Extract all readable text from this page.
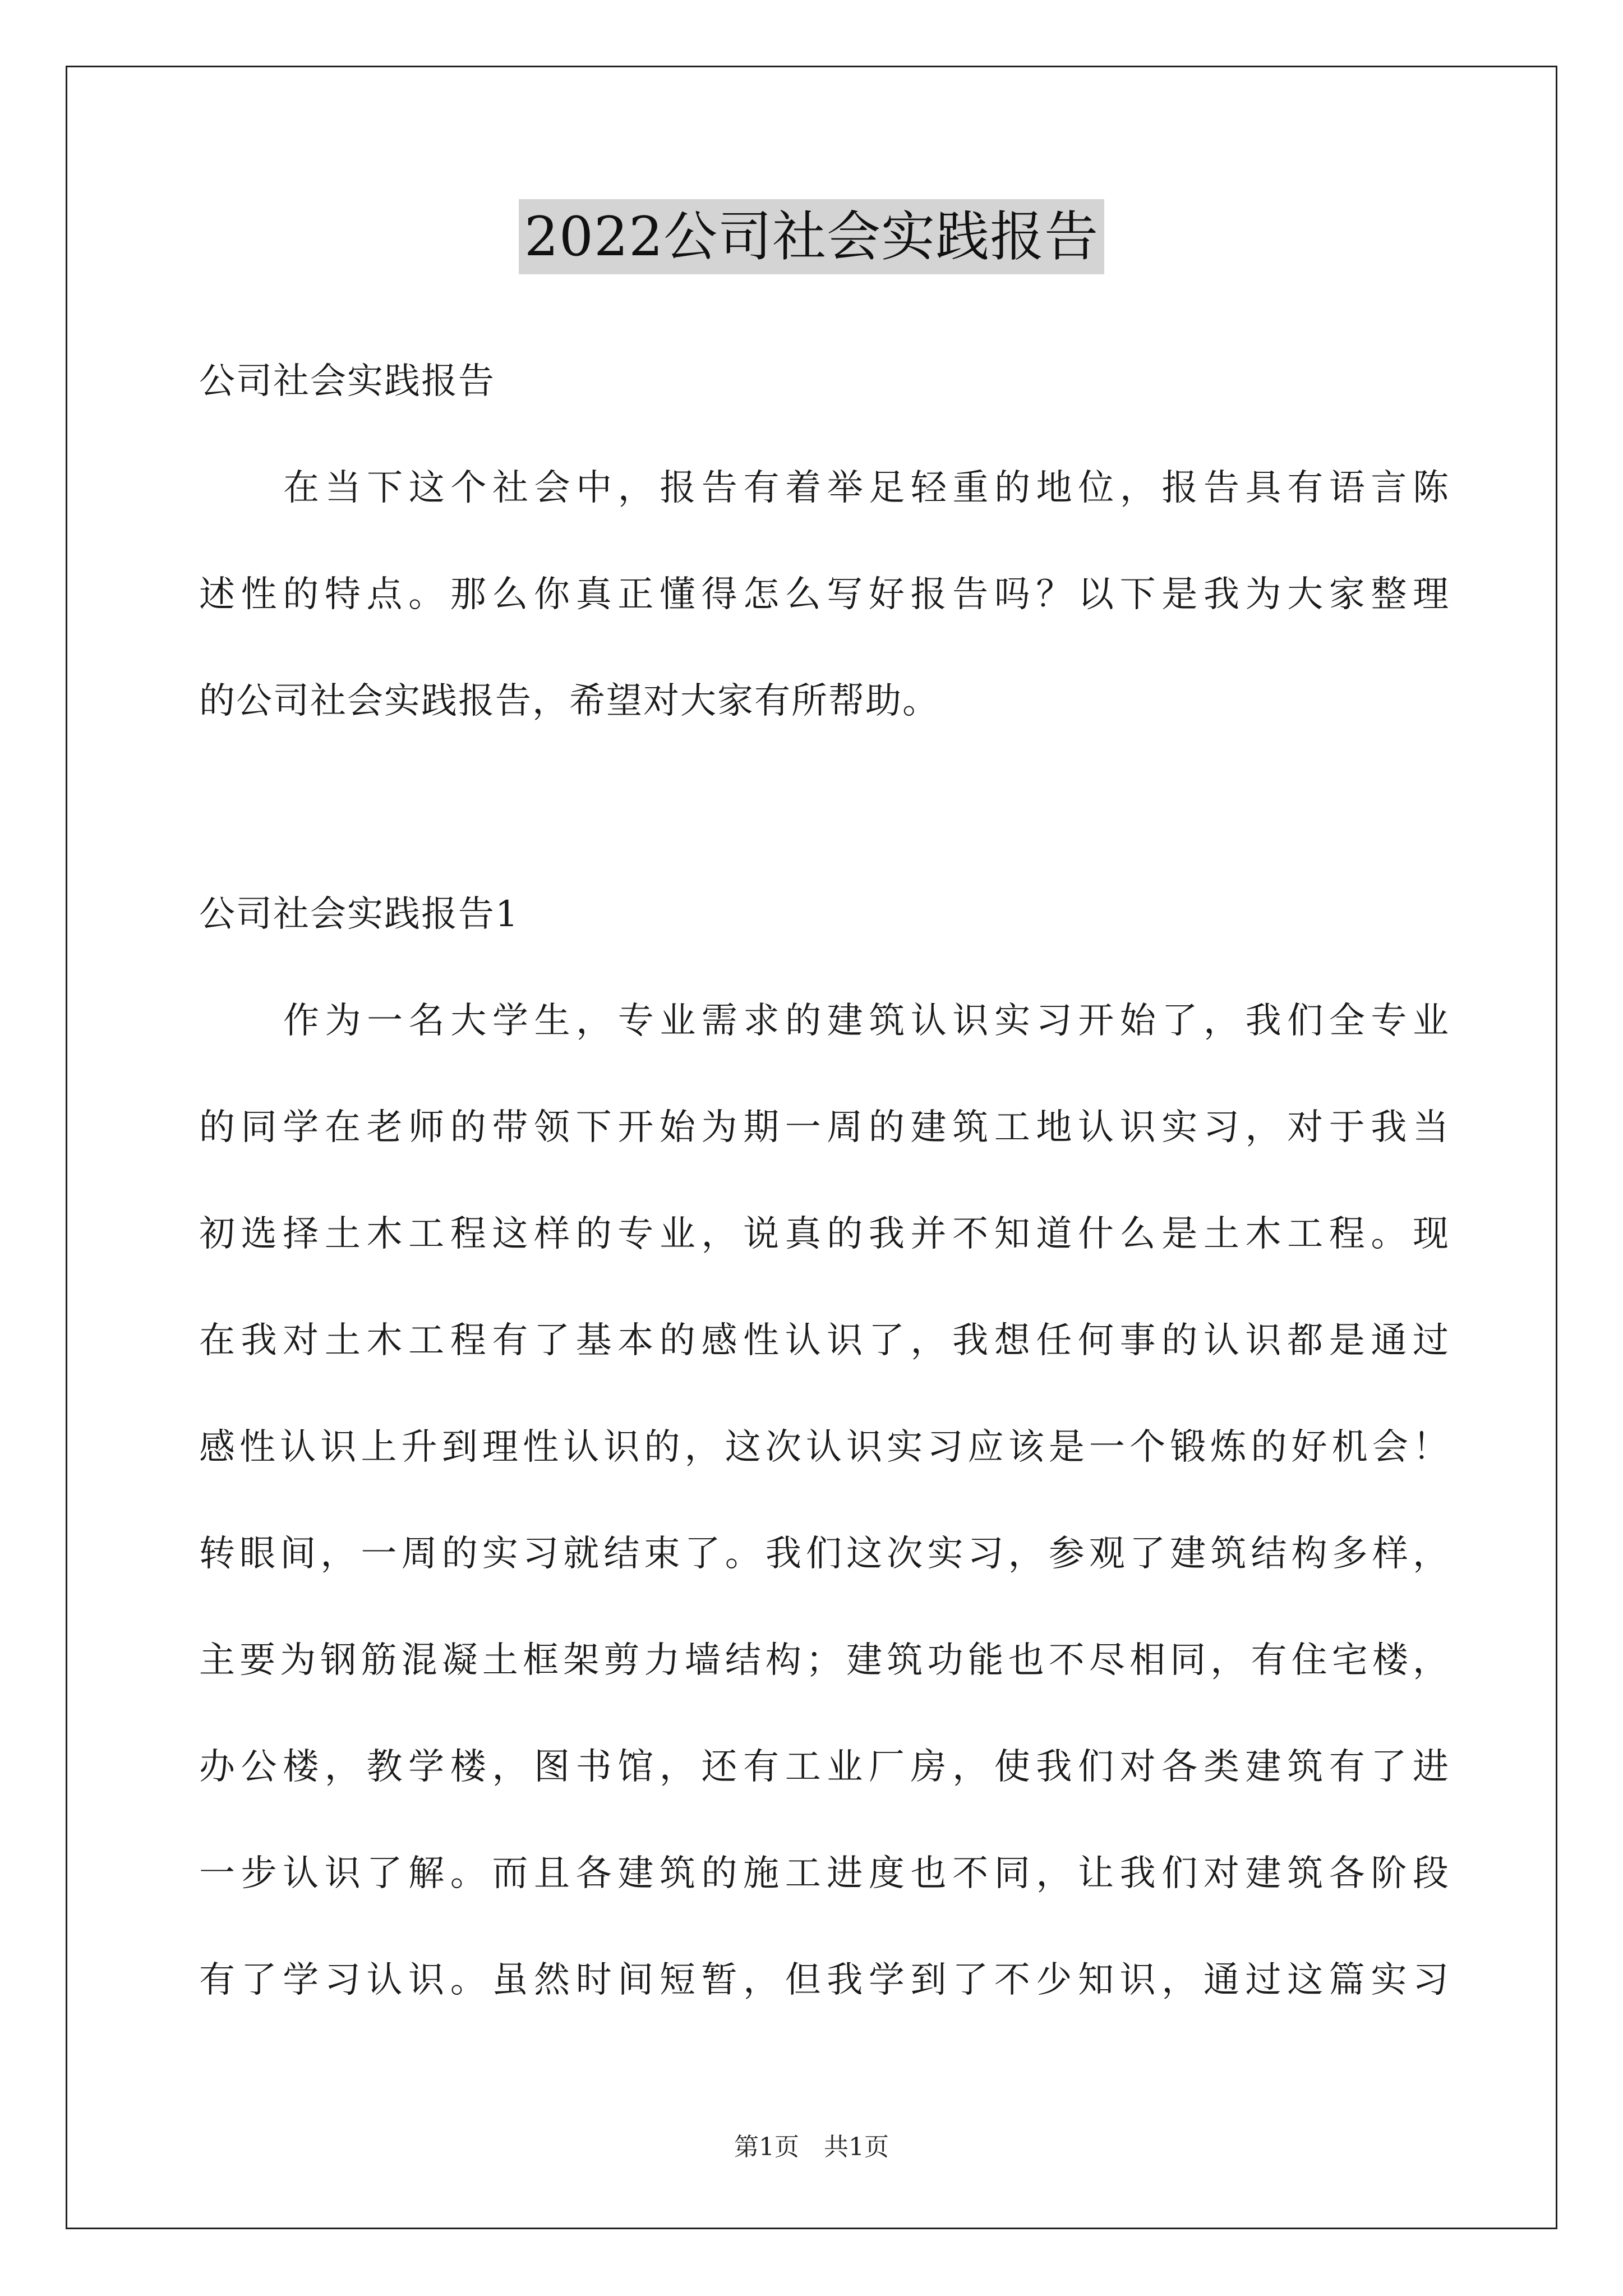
2022公司社会实践报告
公司社会实践报告
在当下这个社会中，报告有着举足轻重的地位，报告具有语言陈
述性的特点。那么你真正懂得怎么写好报告吗？以下是我为大家整理
的公司社会实践报告，希望对大家有所帮助。
公司社会实践报告1
作为一名大学生，专业需求的建筑认识实习开始了，我们全专业
的同学在老师的带领下开始为期一周的建筑工地认识实习，对于我当
初选择土木工程这样的专业，说真的我并不知道什么是土木工程。现
在我对土木工程有了基本的感性认识了，我想任何事的认识都是通过
感性认识上升到理性认识的，这次认识实习应该是一个锻炼的好机会！
转眼间，一周的实习就结束了。我们这次实习，参观了建筑结构多样，
主要为钢筋混凝土框架剪力墙结构；建筑功能也不尽相同，有住宅楼，
办公楼，教学楼，图书馆，还有工业厂房，使我们对各类建筑有了进
一步认识了解。而且各建筑的施工进度也不同，让我们对建筑各阶段
有了学习认识。虽然时间短暂，但我学到了不少知识，通过这篇实习
第1页　共1页
